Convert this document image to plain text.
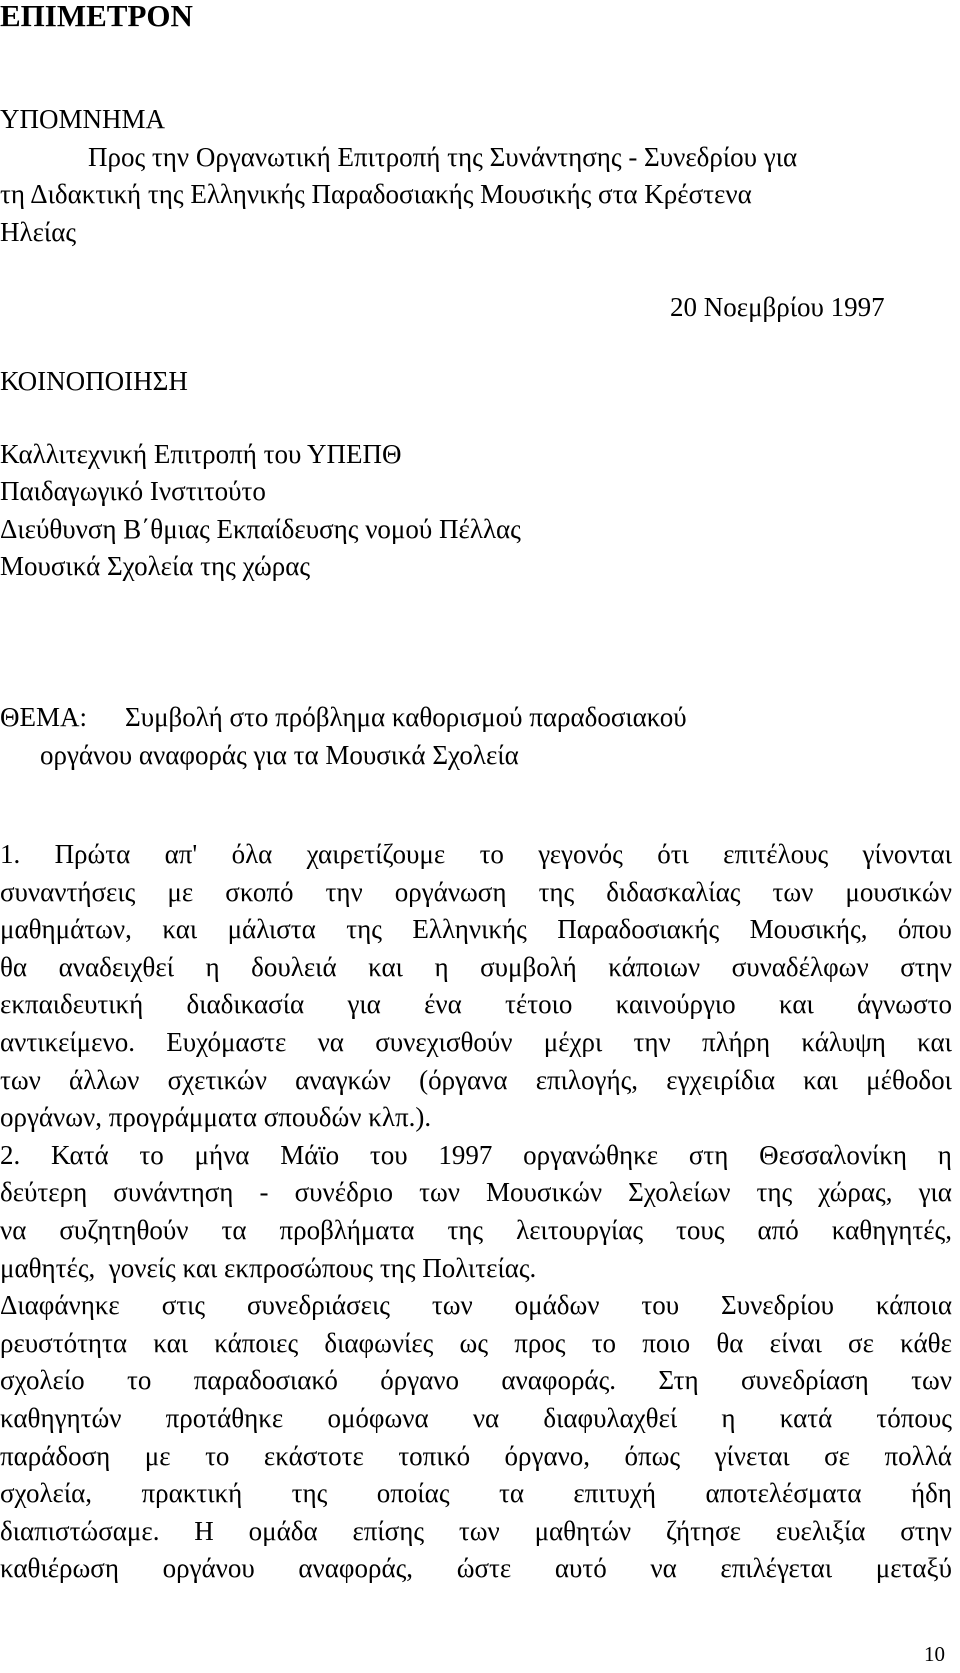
ΕΠΙΜΕΤΡΟΝ

ΥΠΟΜΝΗΜΑ

Προς την Οργανωτική Επιτροπή της Συνάντησης - Συνεδρίου για

τη Διδακτική της Ελληνικής Παραδοσιακής Μουσικής στα Κρέστενα

Ηλείας

20 Νοεμβρίου 1997

ΚΟΙΝΟΠΟΙΗΣΗ

Καλλιτεχνική Επιτροπή του ΥΠΕΠΘ

Παιδαγωγικό Ινστιτούτο

Διεύθυνση Β΄θμιας Εκπαίδευσης νομού Πέλλας

Μουσικά Σχολεία της χώρας

ΘΕΜΑ: Συμβολή στο πρόβλημα καθορισμού παραδοσιακού

οργάνου αναφοράς για τα Μουσικά Σχολεία

1. Πρώτα απ' όλα χαιρετίζουμε το γεγονός ότι επιτέλους γίνονται
συναντήσεις με σκοπό την οργάνωση της διδασκαλίας των μουσικών
μαθημάτων, και μάλιστα της Ελληνικής Παραδοσιακής Μουσικής, όπου
θα αναδειχθεί η δουλειά και η συμβολή κάποιων συναδέλφων στην
εκπαιδευτική διαδικασία για ένα τέτοιο καινούργιο και άγνωστο
αντικείμενο. Ευχόμαστε να συνεχισθούν μέχρι την πλήρη κάλυψη και
των άλλων σχετικών αναγκών (όργανα επιλογής, εγχειρίδια και μέθοδοι
οργάνων, προγράμματα σπουδών κλπ.).
2. Κατά το μήνα Μάϊο του 1997 οργανώθηκε στη Θεσσαλονίκη η
δεύτερη συνάντηση - συνέδριο των Μουσικών Σχολείων της χώρας, για
να συζητηθούν τα προβλήματα της λειτουργίας τους από καθηγητές,
μαθητές,  γονείς και εκπροσώπους της Πολιτείας.
Διαφάνηκε στις συνεδριάσεις των ομάδων του Συνεδρίου κάποια
ρευστότητα και κάποιες διαφωνίες ως προς το ποιο θα είναι σε κάθε
σχολείο το παραδοσιακό όργανο αναφοράς. Στη συνεδρίαση των
καθηγητών προτάθηκε ομόφωνα να διαφυλαχθεί η κατά τόπους
παράδοση με το εκάστοτε τοπικό όργανο, όπως γίνεται σε πολλά
σχολεία, πρακτική της οποίας τα επιτυχή αποτελέσματα ήδη
διαπιστώσαμε. Η ομάδα επίσης των μαθητών ζήτησε ευελιξία στην
καθιέρωση οργάνου αναφοράς, ώστε αυτό να επιλέγεται μεταξύ

10
